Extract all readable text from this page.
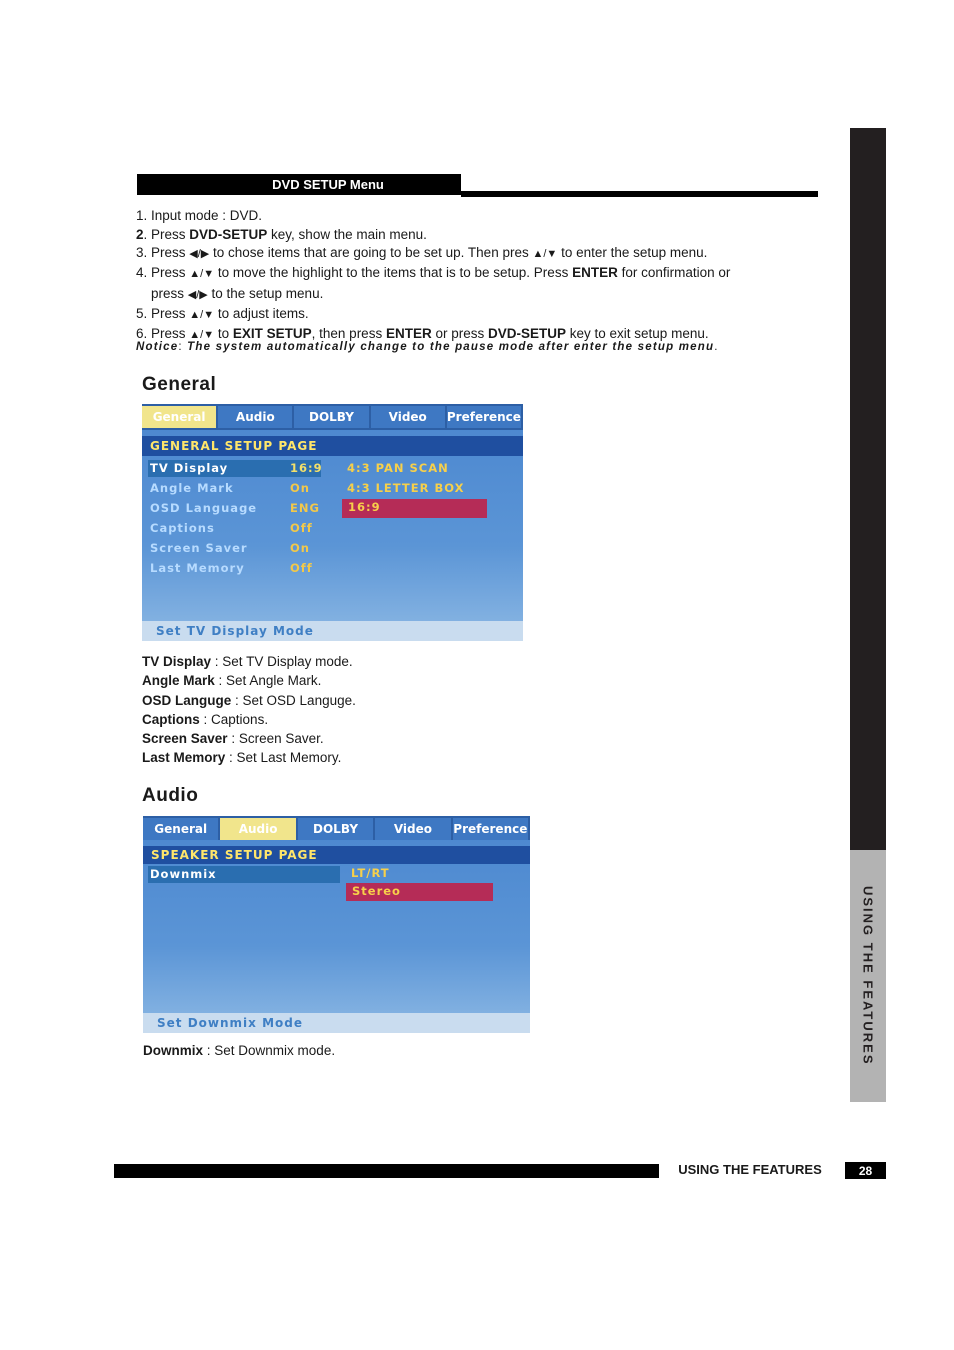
USING THE FEATURES
DVD SETUP Menu
1. Input mode : DVD.
2. Press DVD-SETUP key, show the main menu.
3. Press ◀/▶ to chose items that are going to be set up. Then pres ▲/▼ to enter the setup menu.
4. Press ▲/▼ to move the highlight to the items that is to be setup. Press ENTER for confirmation or
press ◀/▶ to the setup menu.
5. Press ▲/▼ to adjust items.
6. Press ▲/▼ to EXIT SETUP, then press ENTER or press DVD-SETUP key to exit setup menu.
Notice: The system automatically change to the pause mode after enter the setup menu.
General
General	Audio	DOLBY	Video	Preference
GENERAL SETUP PAGE
TV Display	16:9
Angle Mark	On
OSD Language	ENG
Captions	Off
Screen Saver	On
Last Memory	Off
4:3 PAN SCAN
4:3 LETTER BOX
16:9
Set TV Display Mode
TV Display : Set TV Display mode.
Angle Mark : Set Angle Mark.
OSD Languge : Set OSD Languge.
Captions : Captions.
Screen Saver : Screen Saver.
Last Memory : Set Last Memory.
Audio
General	Audio	DOLBY	Video	Preference
SPEAKER SETUP PAGE
Downmix	LT/RT
Stereo
Set Downmix Mode
Downmix : Set Downmix mode.
USING THE FEATURES	28
